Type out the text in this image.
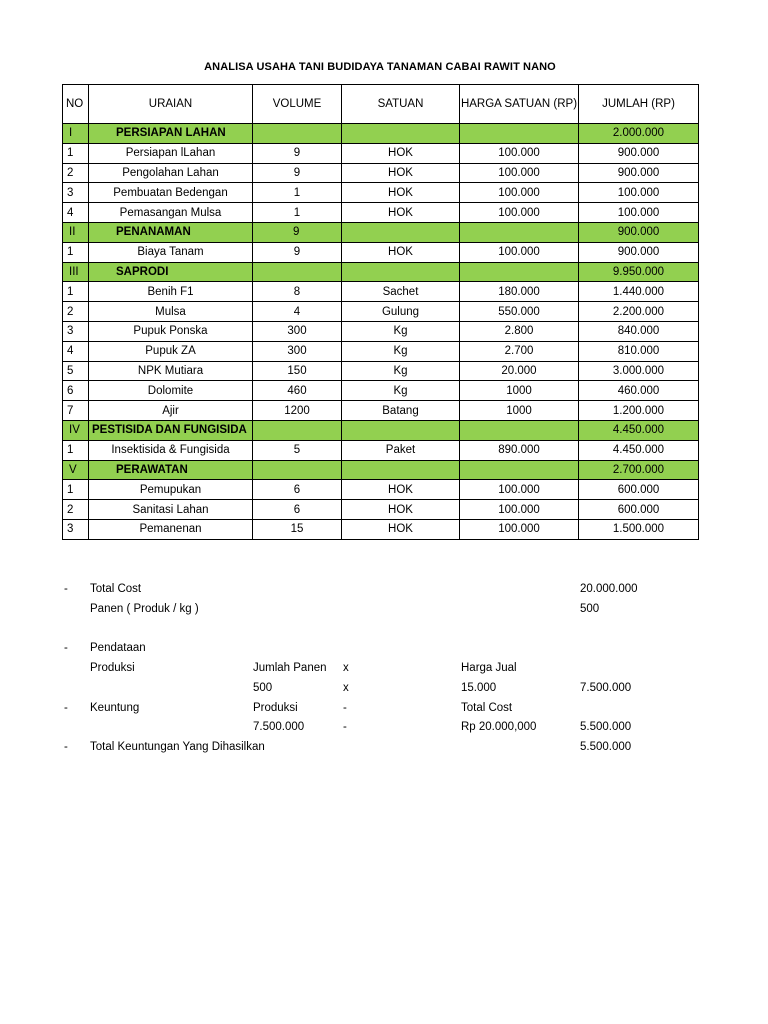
ANALISA USAHA TANI BUDIDAYA TANAMAN CABAI RAWIT NANO
NO	URAIAN	VOLUME	SATUAN	HARGA SATUAN (RP)	JUMLAH (RP)
I	PERSIAPAN LAHAN				2.000.000
1	Persiapan lLahan	9	HOK	100.000	900.000
2	Pengolahan Lahan	9	HOK	100.000	900.000
3	Pembuatan Bedengan	1	HOK	100.000	100.000
4	Pemasangan Mulsa	1	HOK	100.000	100.000
II	PENANAMAN	9			900.000
1	Biaya Tanam	9	HOK	100.000	900.000
III	SAPRODI				9.950.000
1	Benih F1	8	Sachet	180.000	1.440.000
2	Mulsa	4	Gulung	550.000	2.200.000
3	Pupuk Ponska	300	Kg	2.800	840.000
4	Pupuk ZA	300	Kg	2.700	810.000
5	NPK Mutiara	150	Kg	20.000	3.000.000
6	Dolomite	460	Kg	1000	460.000
7	Ajir	1200	Batang	1000	1.200.000
IV	PESTISIDA DAN FUNGISIDA				4.450.000
1	Insektisida & Fungisida	5	Paket	890.000	4.450.000
V	PERAWATAN				2.700.000
1	Pemupukan	6	HOK	100.000	600.000
2	Sanitasi Lahan	6	HOK	100.000	600.000
3	Pemanenan	15	HOK	100.000	1.500.000
- Total Cost	20.000.000
Panen ( Produk / kg )	500
- Pendataan
Produksi	Jumlah Panen x	Harga Jual
500	x	15.000	7.500.000
- Keuntung	Produksi	-	Total Cost
7.500.000	-	Rp 20.000,000	5.500.000
- Total Keuntungan Yang Dihasilkan	5.500.000
